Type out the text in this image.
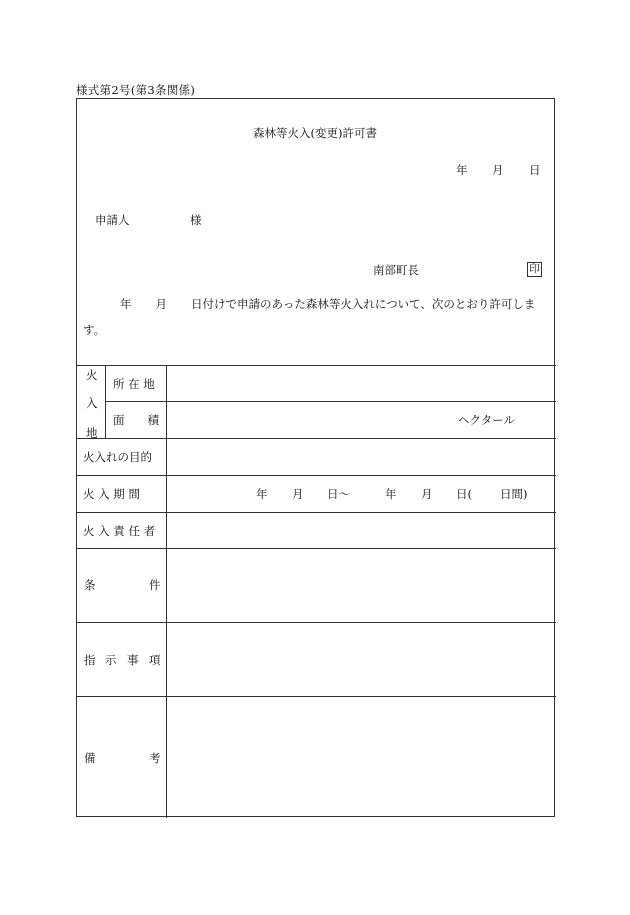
様式第2号(第3条関係)
森林等火入(変更)許可書
年 月 日
申請人	様
南部町長	印
年 月 日付けで申請のあった森林等火入れについて、次のとおり許可します。
火
入
地
所 在 地
面　　積	ヘクタール
火入れの目的
火 入 期 間	年 月 日～	年 月 日( 日間)
火 入 責 任 者
条	件
指 示 事 項
備	考
